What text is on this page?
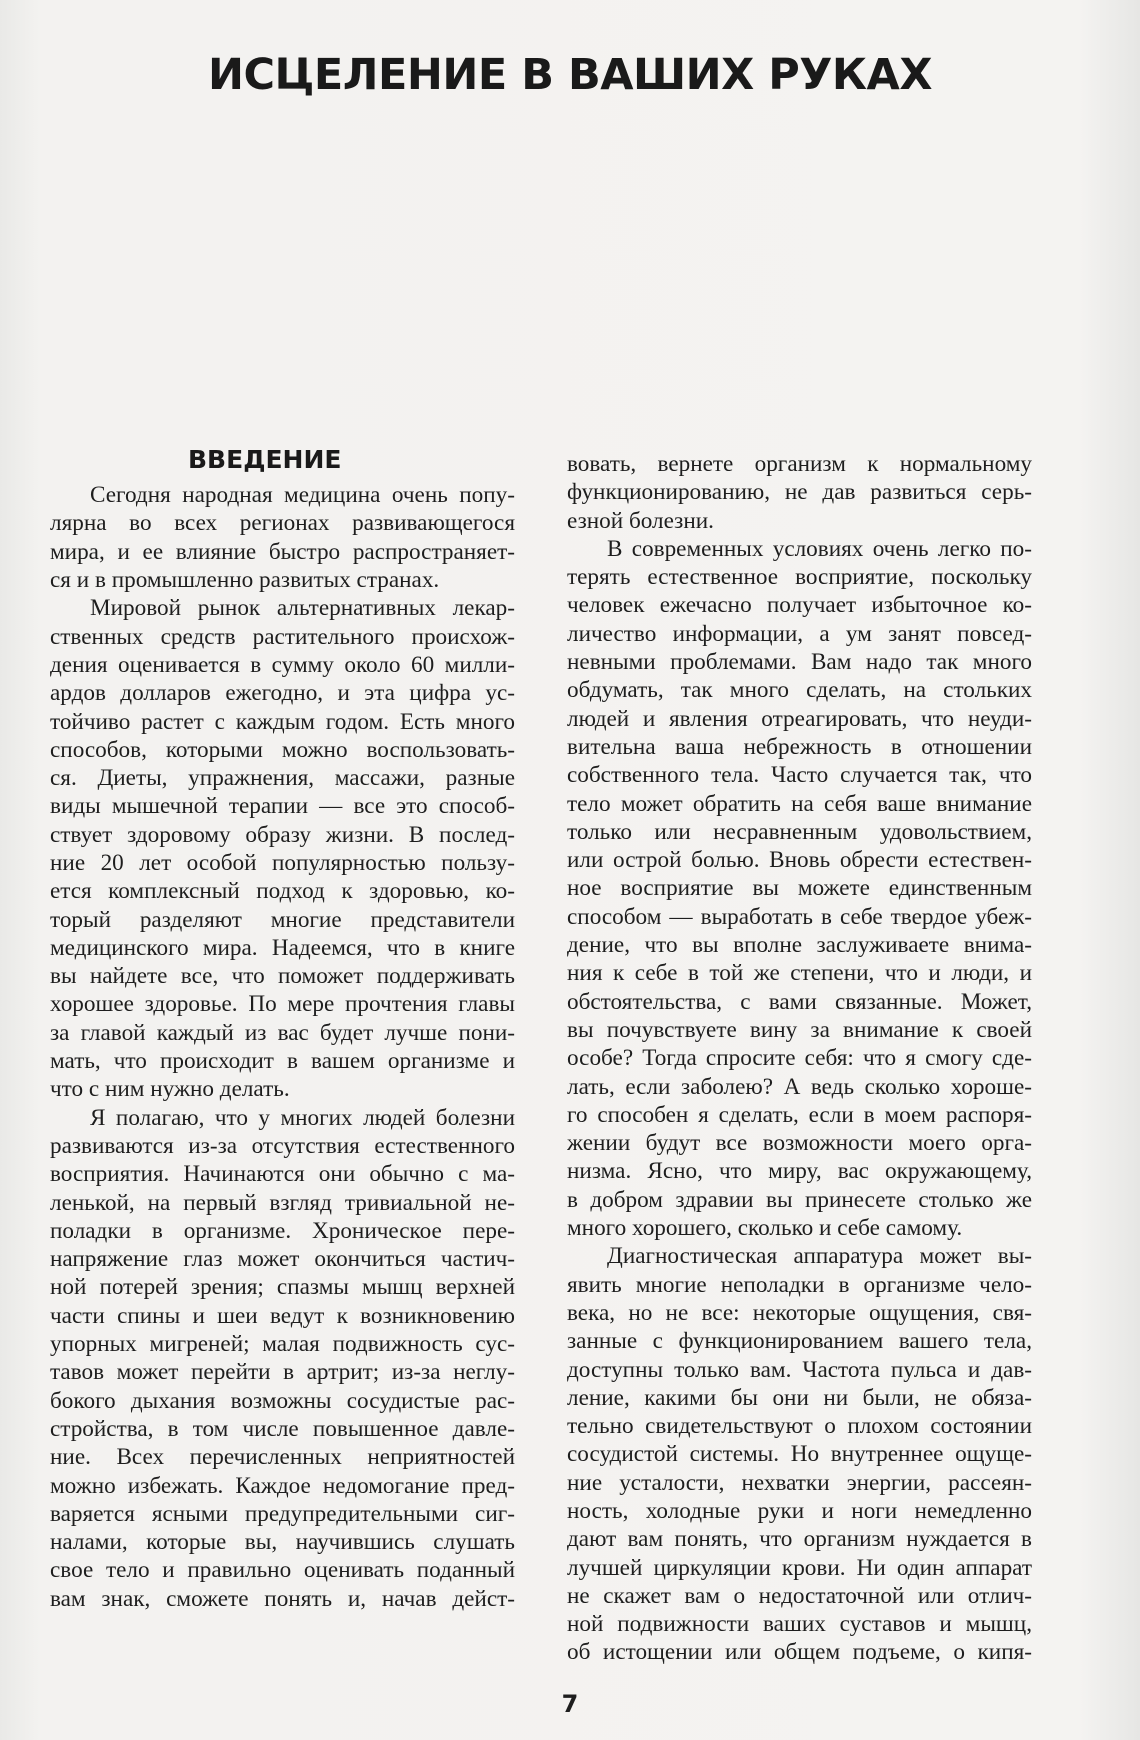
ИСЦЕЛЕНИЕ В ВАШИХ РУКАХ
ВВЕДЕНИЕ
Сегодня народная медицина очень попу-
лярна во всех регионах развивающегося
мира, и ее влияние быстро распространяет-
ся и в промышленно развитых странах.
Мировой рынок альтернативных лекар-
ственных средств растительного происхож-
дения оценивается в сумму около 60 милли-
ардов долларов ежегодно, и эта цифра ус-
тойчиво растет с каждым годом. Есть много
способов, которыми можно воспользовать-
ся. Диеты, упражнения, массажи, разные
виды мышечной терапии — все это способ-
ствует здоровому образу жизни. В послед-
ние 20 лет особой популярностью пользу-
ется комплексный подход к здоровью, ко-
торый разделяют многие представители
медицинского мира. Надеемся, что в книге
вы найдете все, что поможет поддерживать
хорошее здоровье. По мере прочтения главы
за главой каждый из вас будет лучше пони-
мать, что происходит в вашем организме и
что с ним нужно делать.
Я полагаю, что у многих людей болезни
развиваются из-за отсутствия естественного
восприятия. Начинаются они обычно с ма-
ленькой, на первый взгляд тривиальной не-
поладки в организме. Хроническое пере-
напряжение глаз может окончиться частич-
ной потерей зрения; спазмы мышц верхней
части спины и шеи ведут к возникновению
упорных мигреней; малая подвижность сус-
тавов может перейти в артрит; из-за неглу-
бокого дыхания возможны сосудистые рас-
стройства, в том числе повышенное давле-
ние. Всех перечисленных неприятностей
можно избежать. Каждое недомогание пред-
варяется ясными предупредительными сиг-
налами, которые вы, научившись слушать
свое тело и правильно оценивать поданный
вам знак, сможете понять и, начав дейст-
вовать, вернете организм к нормальному
функционированию, не дав развиться серь-
езной болезни.
В современных условиях очень легко по-
терять естественное восприятие, поскольку
человек ежечасно получает избыточное ко-
личество информации, а ум занят повсед-
невными проблемами. Вам надо так много
обдумать, так много сделать, на стольких
людей и явления отреагировать, что неуди-
вительна ваша небрежность в отношении
собственного тела. Часто случается так, что
тело может обратить на себя ваше внимание
только или несравненным удовольствием,
или острой болью. Вновь обрести естествен-
ное восприятие вы можете единственным
способом — выработать в себе твердое убеж-
дение, что вы вполне заслуживаете внима-
ния к себе в той же степени, что и люди, и
обстоятельства, с вами связанные. Может,
вы почувствуете вину за внимание к своей
особе? Тогда спросите себя: что я смогу сде-
лать, если заболею? А ведь сколько хороше-
го способен я сделать, если в моем распоря-
жении будут все возможности моего орга-
низма. Ясно, что миру, вас окружающему,
в добром здравии вы принесете столько же
много хорошего, сколько и себе самому.
Диагностическая аппаратура может вы-
явить многие неполадки в организме чело-
века, но не все: некоторые ощущения, свя-
занные с функционированием вашего тела,
доступны только вам. Частота пульса и дав-
ление, какими бы они ни были, не обяза-
тельно свидетельствуют о плохом состоянии
сосудистой системы. Но внутреннее ощуще-
ние усталости, нехватки энергии, рассеян-
ность, холодные руки и ноги немедленно
дают вам понять, что организм нуждается в
лучшей циркуляции крови. Ни один аппарат
не скажет вам о недостаточной или отлич-
ной подвижности ваших суставов и мышц,
об истощении или общем подъеме, о кипя-
7
